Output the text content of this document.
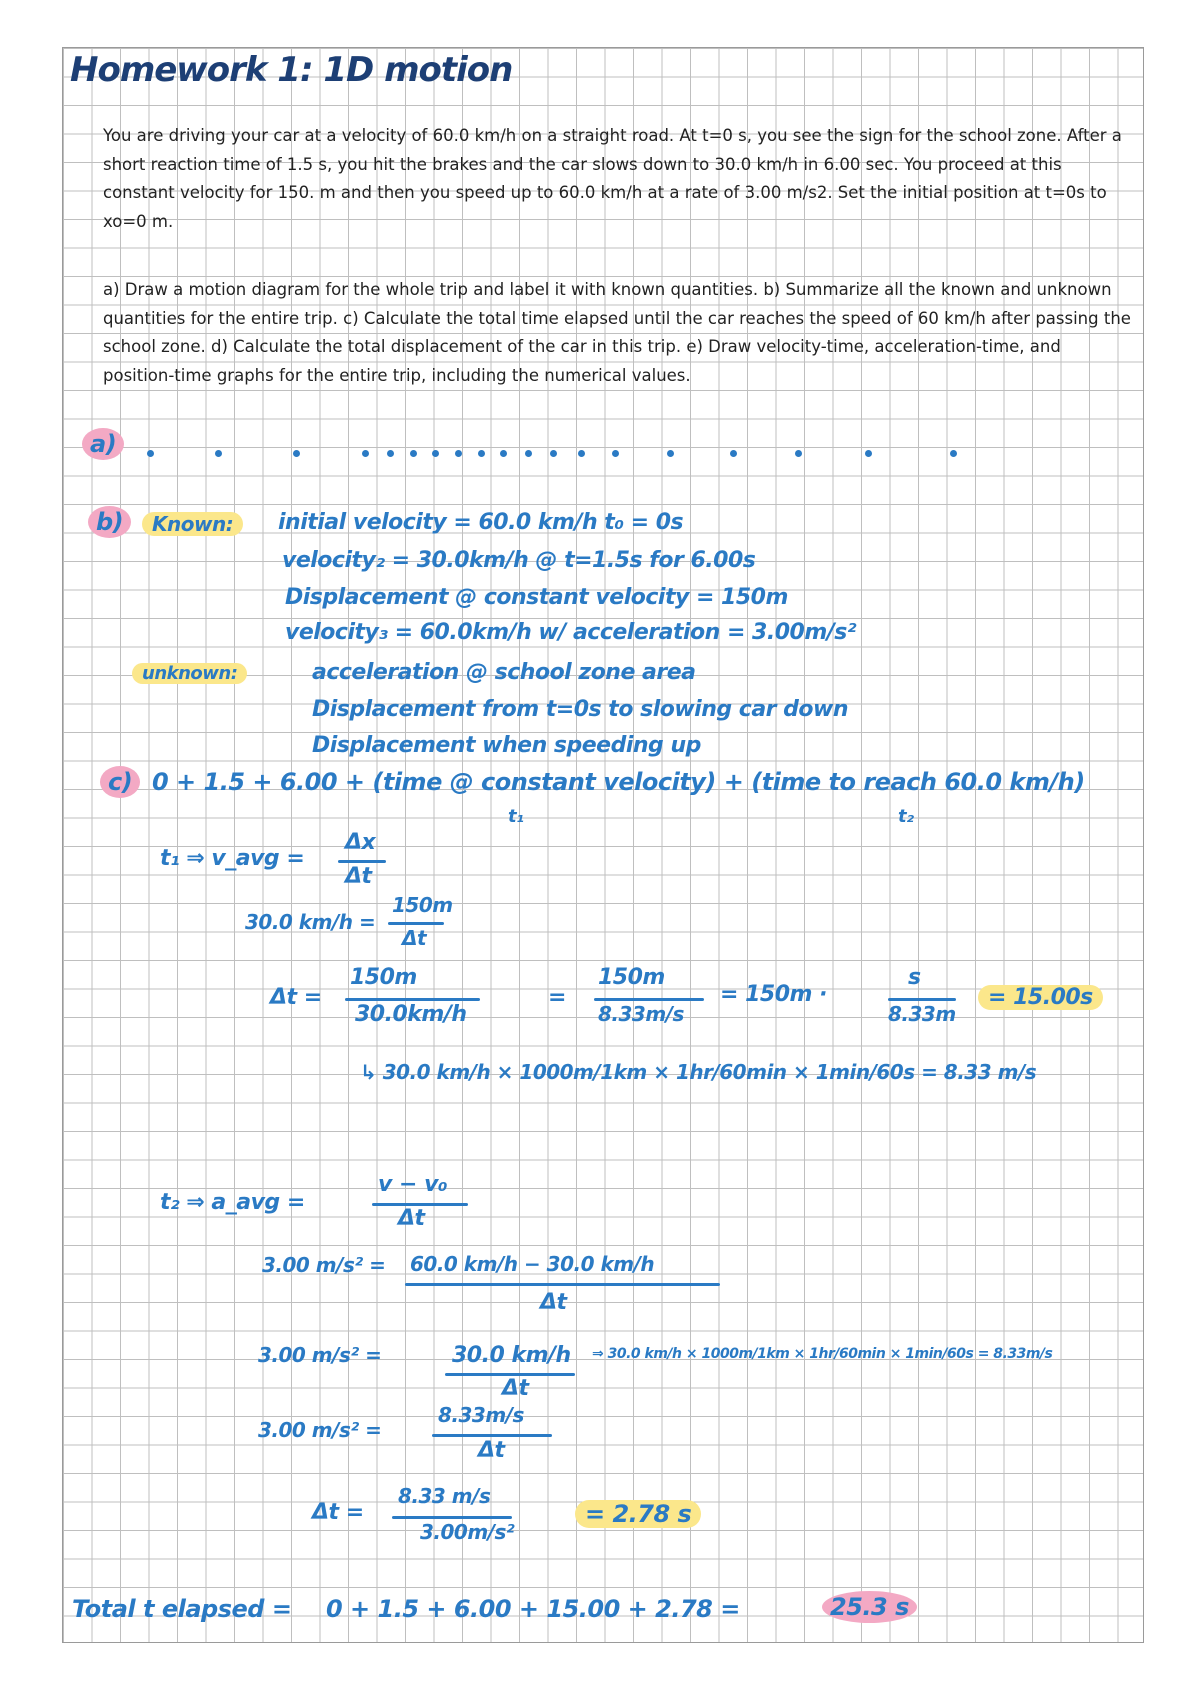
Homework 1: 1D motion
You are driving your car at a velocity of 60.0 km/h on a straight road. At t=0 s, you see the sign for the school zone. After a short reaction time of 1.5 s, you hit the brakes and the car slows down to 30.0 km/h in 6.00 sec. You proceed at this constant velocity for 150. m and then you speed up to 60.0 km/h at a rate of 3.00 m/s2. Set the initial position at t=0s to xo=0 m.
a) Draw a motion diagram for the whole trip and label it with known quantities. b) Summarize all the known and unknown quantities for the entire trip. c) Calculate the total time elapsed until the car reaches the speed of 60 km/h after passing the school zone. d) Calculate the total displacement of the car in this trip. e) Draw velocity-time, acceleration-time, and position-time graphs for the entire trip, including the numerical values.
a)
b)	Known:	initial velocity = 60.0 km/h t₀ = 0s
velocity₂ = 30.0km/h @ t=1.5s for 6.00s
Displacement @ constant velocity = 150m
velocity₃ = 60.0km/h w/ acceleration = 3.00m/s²
unknown:	acceleration @ school zone area
Displacement from t=0s to slowing car down
Displacement when speeding up
c) 0 + 1.5 + 6.00 + (time @ constant velocity) + (time to reach 60.0 km/h)
t₁	t₂
t₁ ⇒ v_avg =
Δx
Δt
30.0 km/h =
150m
Δt
Δt =
150m
30.0km/h
=
150m
8.33m/s
= 150m ·
s
8.33m
= 15.00s
↳ 30.0 km/h × 1000m/1km × 1hr/60min × 1min/60s = 8.33 m/s
t₂ ⇒ a_avg =
v − v₀
Δt
3.00 m/s² = 60.0 km/h − 30.0 km/h
Δt
3.00 m/s² =	30.0 km/h
Δt
⇒ 30.0 km/h × 1000m/1km × 1hr/60min × 1min/60s = 8.33m/s
3.00 m/s² =
8.33m/s
Δt
Δt =
8.33 m/s
3.00m/s²
= 2.78 s
Total t elapsed = 0 + 1.5 + 6.00 + 15.00 + 2.78 =	25.3 s
